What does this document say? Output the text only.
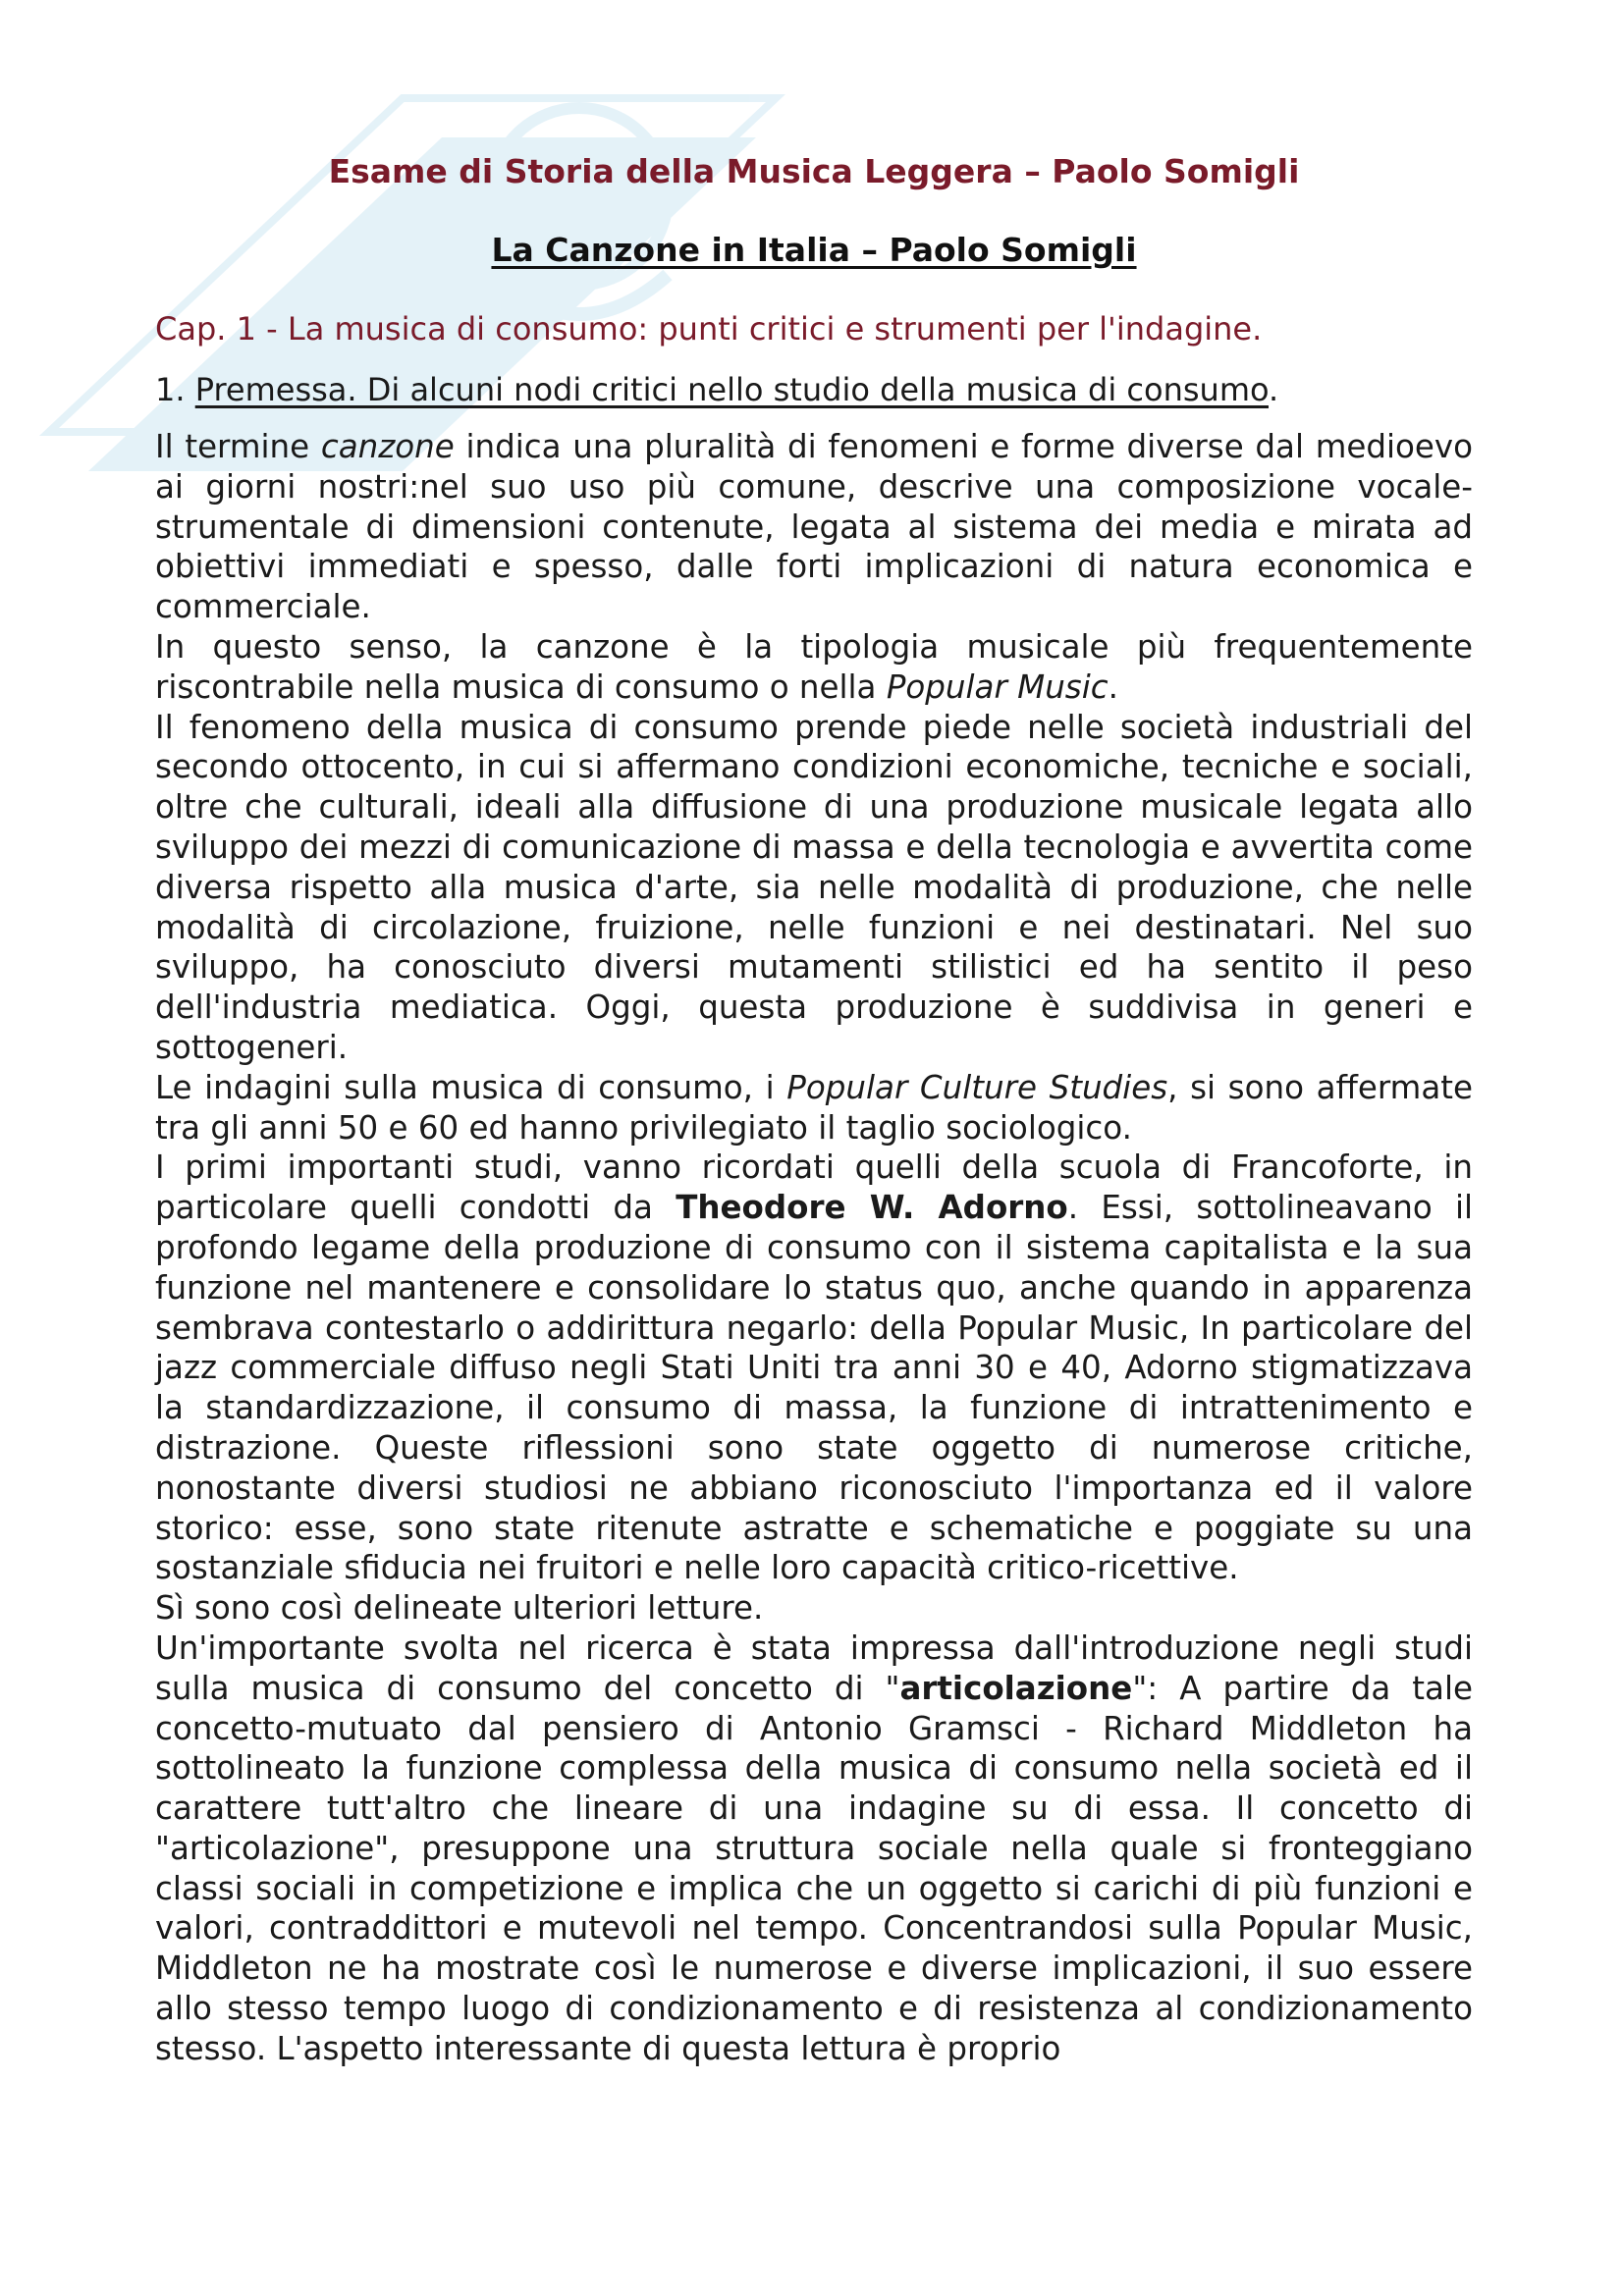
Esame di Storia della Musica Leggera – Paolo Somigli
La Canzone in Italia – Paolo Somigli
Cap. 1 - La musica di consumo: punti critici e strumenti per l'indagine.
1. Premessa. Di alcuni nodi critici nello studio della musica di consumo.

Il termine canzone indica una pluralità di fenomeni e forme diverse dal medioevo ai giorni nostri:nel suo uso più comune, descrive una composizione vocale-strumentale di dimensioni contenute, legata al sistema dei media e mirata ad obiettivi immediati e spesso, dalle forti implicazioni di natura economica e commerciale.

In questo senso, la canzone è la tipologia musicale più frequentemente riscontrabile nella musica di consumo o nella Popular Music.

Il fenomeno della musica di consumo prende piede nelle società industriali del secondo ottocento, in cui si affermano condizioni economiche, tecniche e sociali, oltre che culturali, ideali alla diffusione di una produzione musicale legata allo sviluppo dei mezzi di comunicazione di massa e della tecnologia e avvertita come diversa rispetto alla musica d'arte, sia nelle modalità di produzione, che nelle modalità di circolazione, fruizione, nelle funzioni e nei destinatari. Nel suo sviluppo, ha conosciuto diversi mutamenti stilistici ed ha sentito il peso dell'industria mediatica. Oggi, questa produzione è suddivisa in generi e sottogeneri.

Le indagini sulla musica di consumo, i Popular Culture Studies, si sono affermate tra gli anni 50 e 60 ed hanno privilegiato il taglio sociologico.

I primi importanti studi, vanno ricordati quelli della scuola di Francoforte, in particolare quelli condotti da Theodore W. Adorno. Essi, sottolineavano il profondo legame della produzione di consumo con il sistema capitalista e la sua funzione nel mantenere e consolidare lo status quo, anche quando in apparenza sembrava contestarlo o addirittura negarlo: della Popular Music, In particolare del jazz commerciale diffuso negli Stati Uniti tra anni 30 e 40, Adorno stigmatizzava la standardizzazione, il consumo di massa, la funzione di intrattenimento e distrazione. Queste riflessioni sono state oggetto di numerose critiche, nonostante diversi studiosi ne abbiano riconosciuto l'importanza ed il valore storico: esse, sono state ritenute astratte e schematiche e poggiate su una sostanziale sfiducia nei fruitori e nelle loro capacità critico-ricettive.

Sì sono così delineate ulteriori letture.

Un'importante svolta nel ricerca è stata impressa dall'introduzione negli studi sulla musica di consumo del concetto di "articolazione": A partire da tale concetto-mutuato dal pensiero di Antonio Gramsci - Richard Middleton ha sottolineato la funzione complessa della musica di consumo nella società ed il carattere tutt'altro che lineare di una indagine su di essa. Il concetto di "articolazione", presuppone una struttura sociale nella quale si fronteggiano classi sociali in competizione e implica che un oggetto si carichi di più funzioni e valori, contraddittori e mutevoli nel tempo. Concentrandosi sulla Popular Music, Middleton ne ha mostrate così le numerose e diverse implicazioni, il suo essere allo stesso tempo luogo di condizionamento e di resistenza al condizionamento stesso. L'aspetto interessante di questa lettura è proprio
